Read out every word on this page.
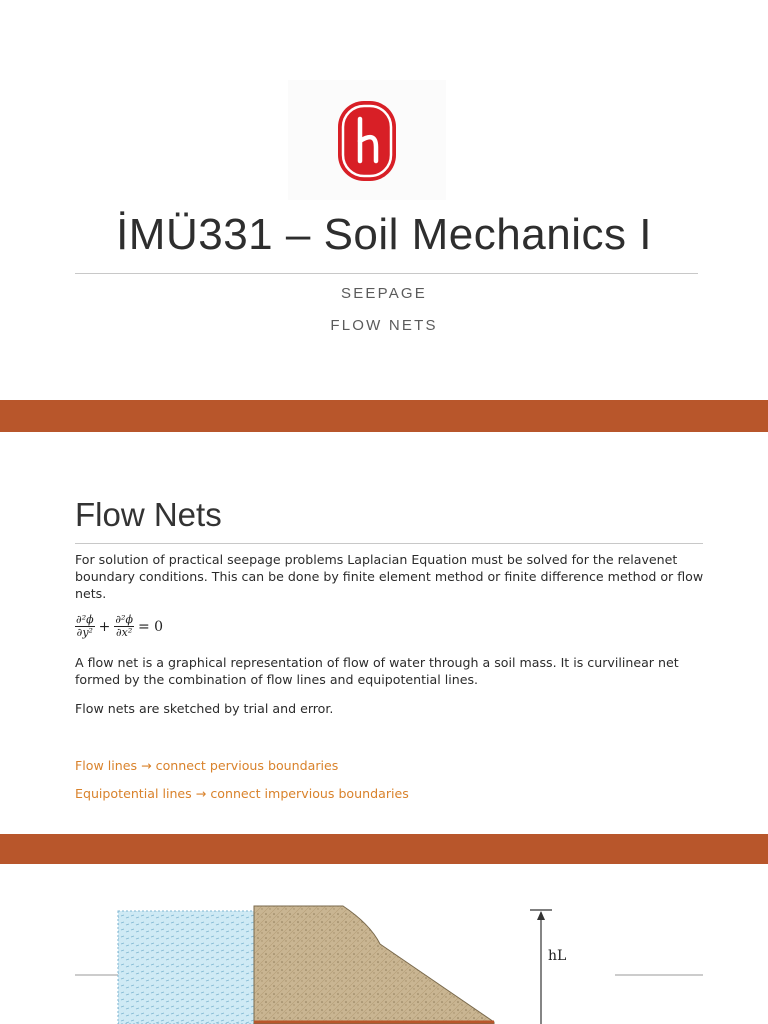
İMÜ331 – Soil Mechanics I
SEEPAGE
FLOW NETS
Flow Nets

For solution of practical seepage problems Laplacian Equation must be solved for the relavenet boundary conditions. This can be done by finite element method or finite difference method or flow nets.

$\frac{\text{∂²ϕ}}{\text{∂y²}} + \frac{\text{∂²ϕ}}{\text{∂x²}} = 0$

A flow net is a graphical representation of flow of water through a soil mass. It is curvilinear net formed by the combination of flow lines and equipotential lines.

Flow nets are sketched by trial and error.

Flow lines → connect pervious boundaries

Equipotential lines → connect impervious boundaries

hL
